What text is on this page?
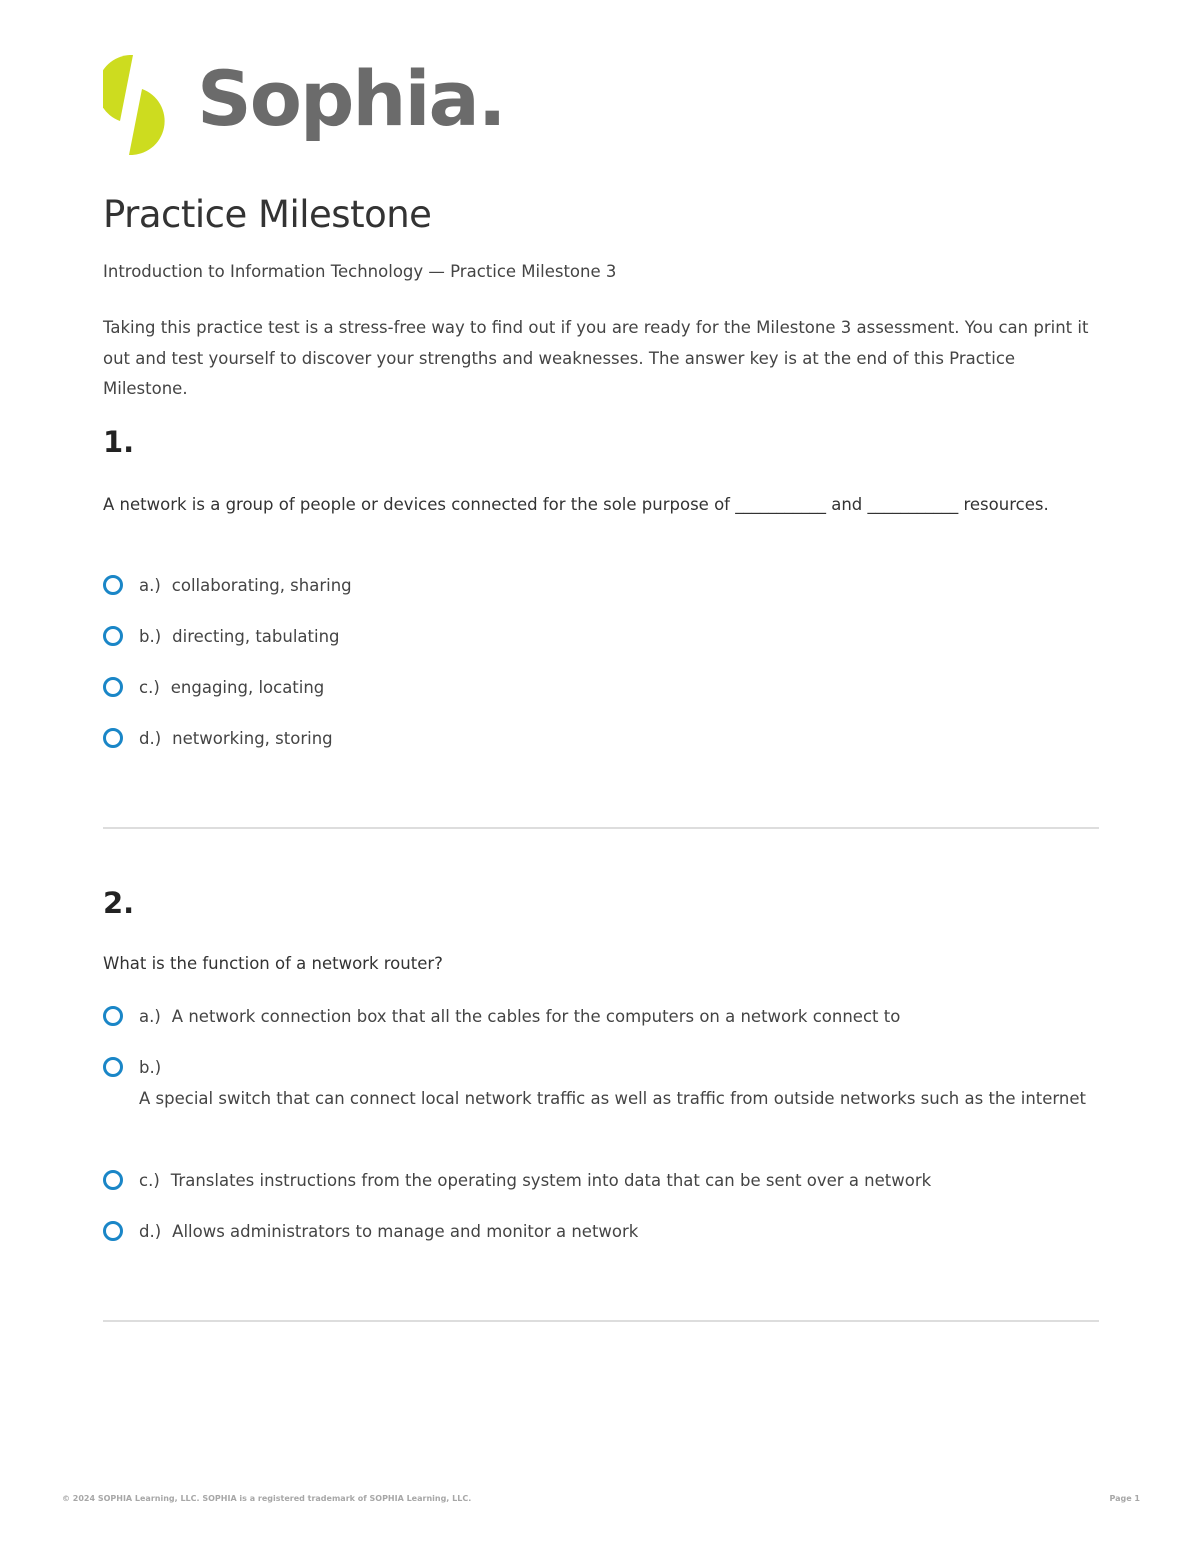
Sophia.
Practice Milestone

Introduction to Information Technology — Practice Milestone 3

Taking this practice test is a stress-free way to find out if you are ready for the Milestone 3 assessment. You can print it out and test yourself to discover your strengths and weaknesses. The answer key is at the end of this Practice Milestone.

1.

A network is a group of people or devices connected for the sole purpose of ___________ and ___________ resources.

a.) collaborating, sharing
b.) directing, tabulating
c.) engaging, locating
d.) networking, storing
2.

What is the function of a network router?

a.) A network connection box that all the cables for the computers on a network connect to
b.)
A special switch that can connect local network traffic as well as traffic from outside networks such as the internet
c.) Translates instructions from the operating system into data that can be sent over a network
d.) Allows administrators to manage and monitor a network
© 2024 SOPHIA Learning, LLC. SOPHIA is a registered trademark of SOPHIA Learning, LLC.	Page 1
